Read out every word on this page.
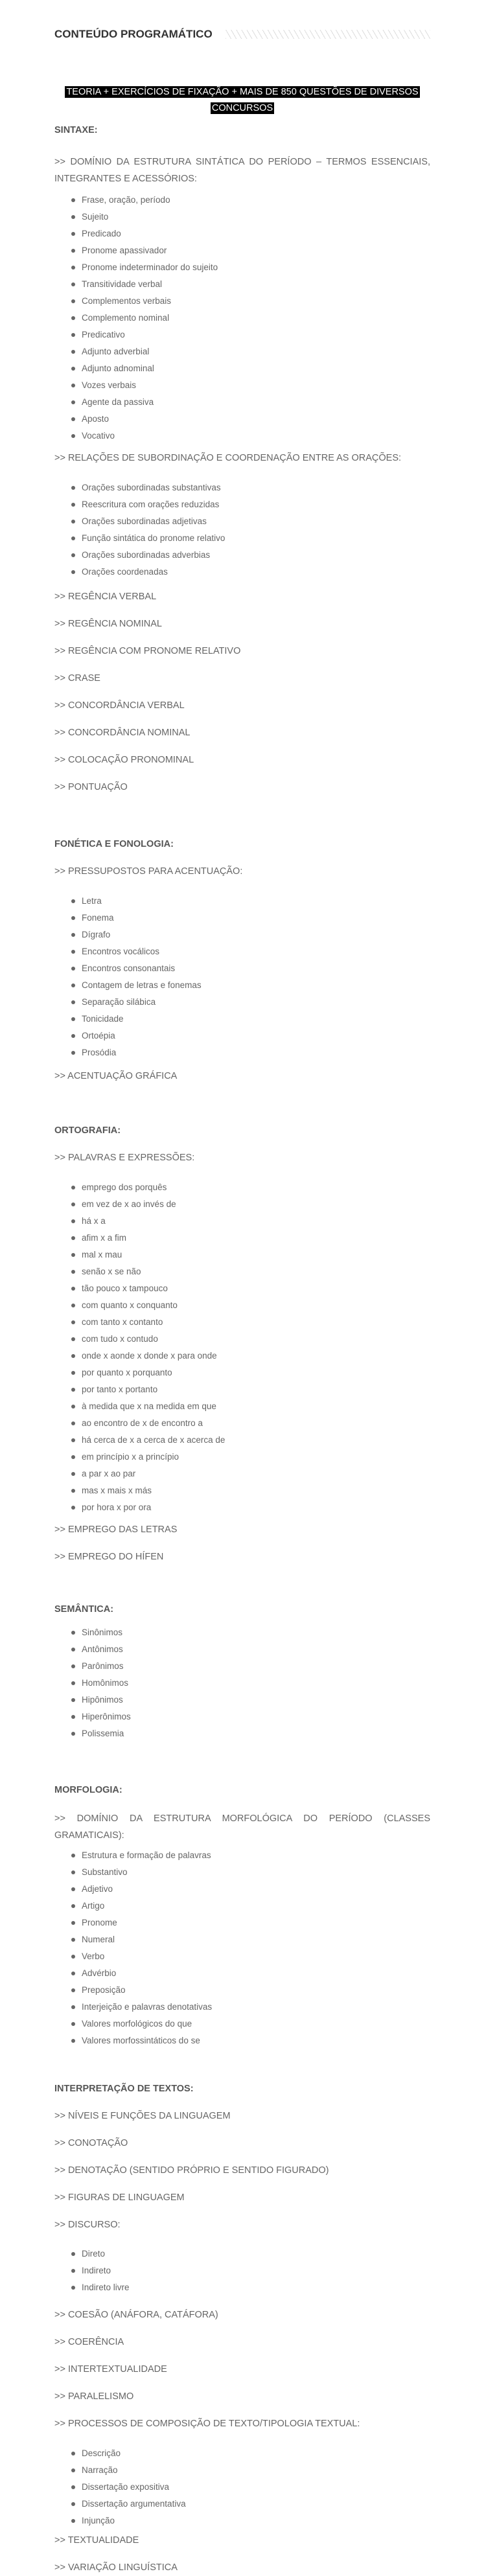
CONTEÚDO PROGRAMÁTICO
TEORIA + EXERCÍCIOS DE FIXAÇÃO + MAIS DE 850 QUESTÕES DE DIVERSOS CONCURSOS

SINTAXE:

>> DOMÍNIO DA ESTRUTURA SINTÁTICA DO PERÍODO – TERMOS ESSENCIAIS, INTEGRANTES E ACESSÓRIOS:

Frase, oração, período
Sujeito
Predicado
Pronome apassivador
Pronome indeterminador do sujeito
Transitividade verbal
Complementos verbais
Complemento nominal
Predicativo
Adjunto adverbial
Adjunto adnominal
Vozes verbais
Agente da passiva
Aposto
Vocativo

>> RELAÇÕES DE SUBORDINAÇÃO E COORDENAÇÃO ENTRE AS ORAÇÕES:

Orações subordinadas substantivas
Reescritura com orações reduzidas
Orações subordinadas adjetivas
Função sintática do pronome relativo
Orações subordinadas adverbias
Orações coordenadas

>> REGÊNCIA VERBAL

>> REGÊNCIA NOMINAL

>> REGÊNCIA COM PRONOME RELATIVO

>> CRASE

>> CONCORDÂNCIA VERBAL

>> CONCORDÂNCIA NOMINAL

>> COLOCAÇÃO PRONOMINAL

>> PONTUAÇÃO

FONÉTICA E FONOLOGIA:

>> PRESSUPOSTOS PARA ACENTUAÇÃO:

Letra
Fonema
Dígrafo
Encontros vocálicos
Encontros consonantais
Contagem de letras e fonemas
Separação silábica
Tonicidade
Ortoépia
Prosódia

>> ACENTUAÇÃO GRÁFICA

ORTOGRAFIA:

>> PALAVRAS E EXPRESSÕES:

emprego dos porquês
em vez de x ao invés de
há x a
afim x a fim
mal x mau
senão x se não
tão pouco x tampouco
com quanto x conquanto
com tanto x contanto
com tudo x contudo
onde x aonde x donde x para onde
por quanto x porquanto
por tanto x portanto
à medida que x na medida em que
ao encontro de x de encontro a
há cerca de x a cerca de x acerca de
em princípio x a princípio
a par x ao par
mas x mais x más
por hora x por ora

>> EMPREGO DAS LETRAS

>> EMPREGO DO HÍFEN

SEMÂNTICA:

Sinônimos
Antônimos
Parônimos
Homônimos
Hipônimos
Hiperônimos
Polissemia

MORFOLOGIA:

>> DOMÍNIO DA ESTRUTURA MORFOLÓGICA DO PERÍODO (CLASSES GRAMATICAIS):

Estrutura e formação de palavras
Substantivo
Adjetivo
Artigo
Pronome
Numeral
Verbo
Advérbio
Preposição
Interjeição e palavras denotativas
Valores morfológicos do que
Valores morfossintáticos do se

INTERPRETAÇÃO DE TEXTOS:

>> NÍVEIS E FUNÇÕES DA LINGUAGEM

>> CONOTAÇÃO

>> DENOTAÇÃO (SENTIDO PRÓPRIO E SENTIDO FIGURADO)

>> FIGURAS DE LINGUAGEM

>> DISCURSO:

Direto
Indireto
Indireto livre

>> COESÃO (ANÁFORA, CATÁFORA)

>> COERÊNCIA

>> INTERTEXTUALIDADE

>> PARALELISMO

>> PROCESSOS DE COMPOSIÇÃO DE TEXTO/TIPOLOGIA TEXTUAL:

Descrição
Narração
Dissertação expositiva
Dissertação argumentativa
Injunção

>> TEXTUALIDADE

>> VARIAÇÃO LINGUÍSTICA
